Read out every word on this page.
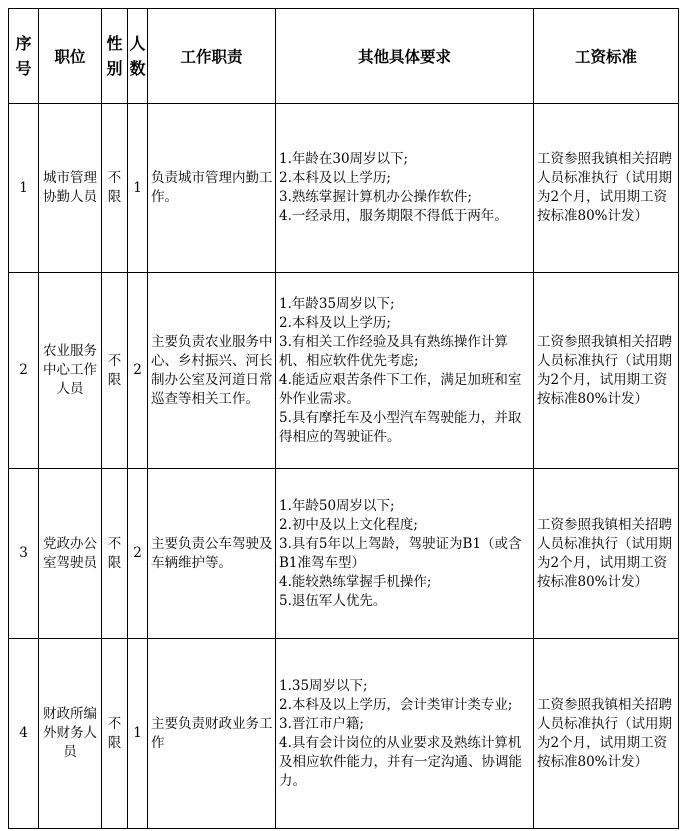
序号	职位	性别	人数	工作职责	其他具体要求	工资标准
1	城市管理协勤人员	不限	1	负责城市管理内勤工作。	1.年龄在30周岁以下;
2.本科及以上学历;
3.熟练掌握计算机办公操作软件;
4.一经录用，服务期限不得低于两年。	工资参照我镇相关招聘人员标准执行（试用期为2个月，试用期工资按标准80%计发）
2	农业服务中心工作人员	不限	2	主要负责农业服务中心、乡村振兴、河长制办公室及河道日常巡查等相关工作。	1.年龄35周岁以下;
2.本科及以上学历;
3.有相关工作经验及具有熟练操作计算机、相应软件优先考虑;
4.能适应艰苦条件下工作，满足加班和室外作业需求。
5.具有摩托车及小型汽车驾驶能力，并取得相应的驾驶证件。	工资参照我镇相关招聘人员标准执行（试用期为2个月，试用期工资按标准80%计发）
3	党政办公室驾驶员	不限	2	主要负责公车驾驶及车辆维护等。	1.年龄50周岁以下;
2.初中及以上文化程度;
3.具有5年以上驾龄，驾驶证为B1（或含B1准驾车型）
4.能较熟练掌握手机操作;
5.退伍军人优先。	工资参照我镇相关招聘人员标准执行（试用期为2个月，试用期工资按标准80%计发）
4	财政所编外财务人员	不限	1	主要负责财政业务工作	1.35周岁以下;
2.本科及以上学历，会计类审计类专业;
3.晋江市户籍;
4.具有会计岗位的从业要求及熟练计算机及相应软件能力，并有一定沟通、协调能力。	工资参照我镇相关招聘人员标准执行（试用期为2个月，试用期工资按标准80%计发）
